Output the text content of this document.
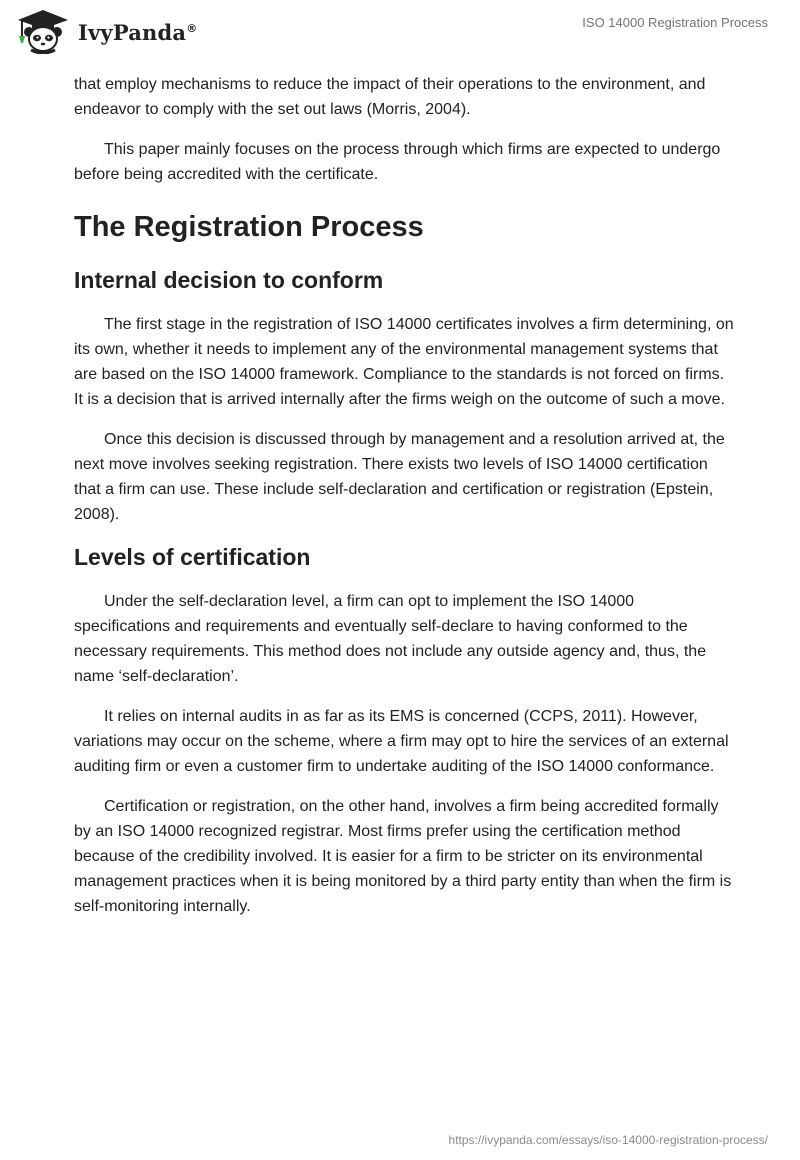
IvyPanda®	ISO 14000 Registration Process

that employ mechanisms to reduce the impact of their operations to the environment, and endeavor to comply with the set out laws (Morris, 2004).

This paper mainly focuses on the process through which firms are expected to undergo before being accredited with the certificate.

The Registration Process
Internal decision to conform

The first stage in the registration of ISO 14000 certificates involves a firm determining, on its own, whether it needs to implement any of the environmental management systems that are based on the ISO 14000 framework. Compliance to the standards is not forced on firms. It is a decision that is arrived internally after the firms weigh on the outcome of such a move.

Once this decision is discussed through by management and a resolution arrived at, the next move involves seeking registration. There exists two levels of ISO 14000 certification that a firm can use. These include self-declaration and certification or registration (Epstein, 2008).

Levels of certification

Under the self-declaration level, a firm can opt to implement the ISO 14000 specifications and requirements and eventually self-declare to having conformed to the necessary requirements. This method does not include any outside agency and, thus, the name ‘self-declaration’.

It relies on internal audits in as far as its EMS is concerned (CCPS, 2011). However, variations may occur on the scheme, where a firm may opt to hire the services of an external auditing firm or even a customer firm to undertake auditing of the ISO 14000 conformance.

Certification or registration, on the other hand, involves a firm being accredited formally by an ISO 14000 recognized registrar. Most firms prefer using the certification method because of the credibility involved. It is easier for a firm to be stricter on its environmental management practices when it is being monitored by a third party entity than when the firm is self-monitoring internally.

https://ivypanda.com/essays/iso-14000-registration-process/
